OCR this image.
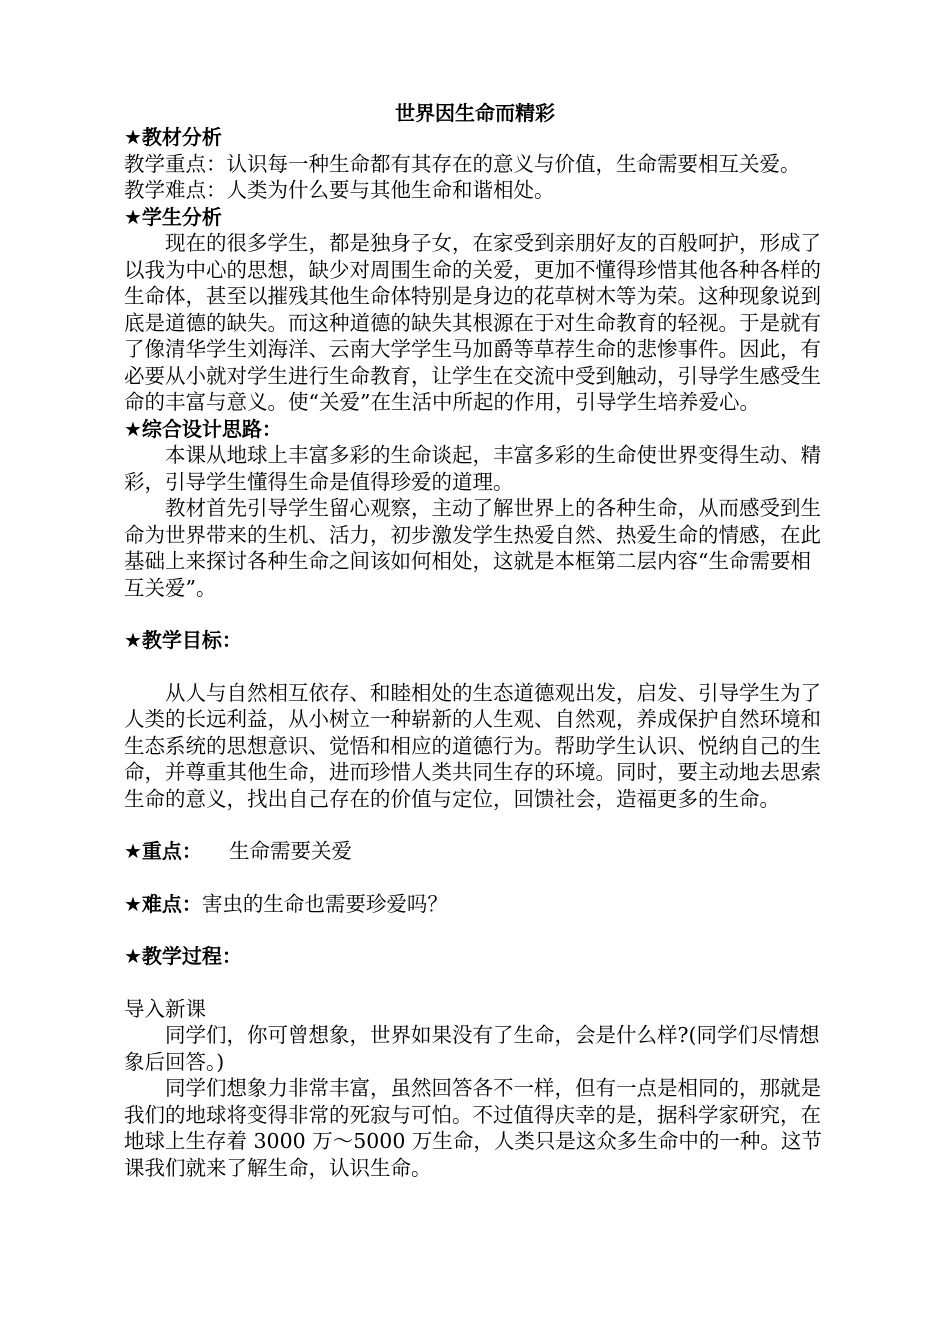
世界因生命而精彩
★教材分析

教学重点：认识每一种生命都有其存在的意义与价值，生命需要相互关爱。

教学难点：人类为什么要与其他生命和谐相处。

★学生分析

现在的很多学生，都是独身子女，在家受到亲朋好友的百般呵护，形成了以我为中心的思想，缺少对周围生命的关爱，更加不懂得珍惜其他各种各样的生命体，甚至以摧残其他生命体特别是身边的花草树木等为荣。这种现象说到底是道德的缺失。而这种道德的缺失其根源在于对生命教育的轻视。于是就有了像清华学生刘海洋、云南大学学生马加爵等草荐生命的悲惨事件。因此，有必要从小就对学生进行生命教育，让学生在交流中受到触动，引导学生感受生命的丰富与意义。使“关爱”在生活中所起的作用，引导学生培养爱心。

★综合设计思路：

本课从地球上丰富多彩的生命谈起，丰富多彩的生命使世界变得生动、精彩，引导学生懂得生命是值得珍爱的道理。

教材首先引导学生留心观察，主动了解世界上的各种生命，从而感受到生命为世界带来的生机、活力，初步激发学生热爱自然、热爱生命的情感，在此基础上来探讨各种生命之间该如何相处，这就是本框第二层内容“生命需要相互关爱”。

★教学目标：

从人与自然相互依存、和睦相处的生态道德观出发，启发、引导学生为了人类的长远利益，从小树立一种崭新的人生观、自然观，养成保护自然环境和生态系统的思想意识、觉悟和相应的道德行为。帮助学生认识、悦纳自己的生命，并尊重其他生命，进而珍惜人类共同生存的环境。同时，要主动地去思索生命的意义，找出自己存在的价值与定位，回馈社会，造福更多的生命。

★重点： 生命需要关爱
★难点：害虫的生命也需要珍爱吗？
★教学过程：

导入新课

同学们，你可曾想象，世界如果没有了生命，会是什么样?(同学们尽情想象后回答。)

同学们想象力非常丰富，虽然回答各不一样，但有一点是相同的，那就是我们的地球将变得非常的死寂与可怕。不过值得庆幸的是，据科学家研究，在地球上生存着 3000 万～5000 万生命，人类只是这众多生命中的一种。这节课我们就来了解生命，认识生命。
